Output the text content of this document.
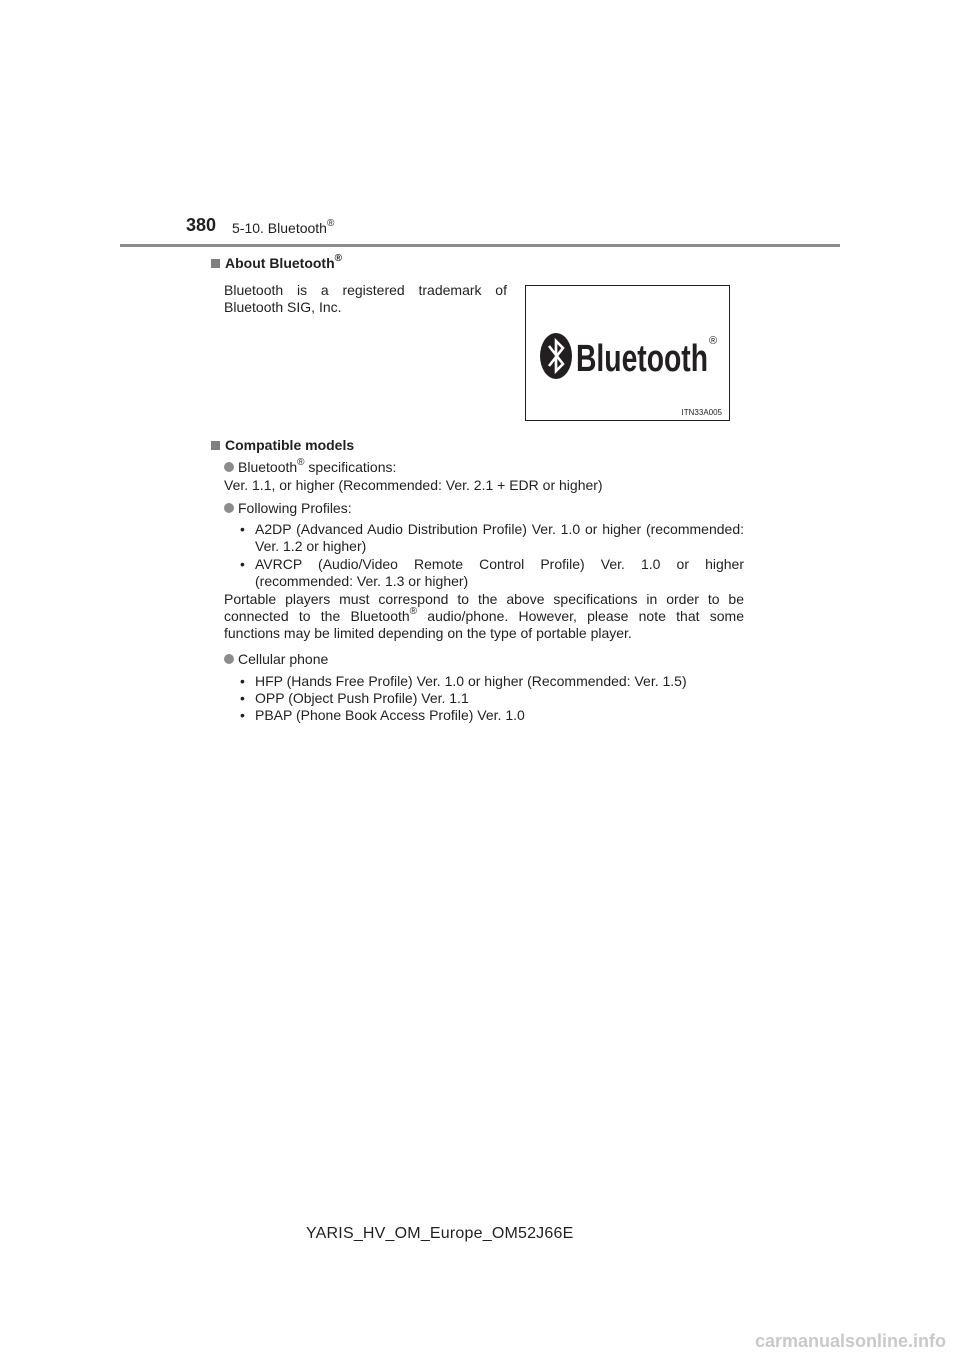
380 5-10. Bluetooth®
About Bluetooth®
Bluetooth is a registered trademark of Bluetooth SIG, Inc.
Bluetooth ®
ITN33A005
Compatible models
Bluetooth® specifications:
Ver. 1.1, or higher (Recommended: Ver. 2.1 + EDR or higher)
Following Profiles:
• A2DP (Advanced Audio Distribution Profile) Ver. 1.0 or higher (recommended: Ver. 1.2 or higher)
• AVRCP (Audio/Video Remote Control Profile) Ver. 1.0 or higher (recommended: Ver. 1.3 or higher)
Portable players must correspond to the above specifications in order to be connected to the Bluetooth® audio/phone. However, please note that some functions may be limited depending on the type of portable player.
Cellular phone
• HFP (Hands Free Profile) Ver. 1.0 or higher (Recommended: Ver. 1.5)
• OPP (Object Push Profile) Ver. 1.1
• PBAP (Phone Book Access Profile) Ver. 1.0
YARIS_HV_OM_Europe_OM52J66E
carmanualsonline.info
